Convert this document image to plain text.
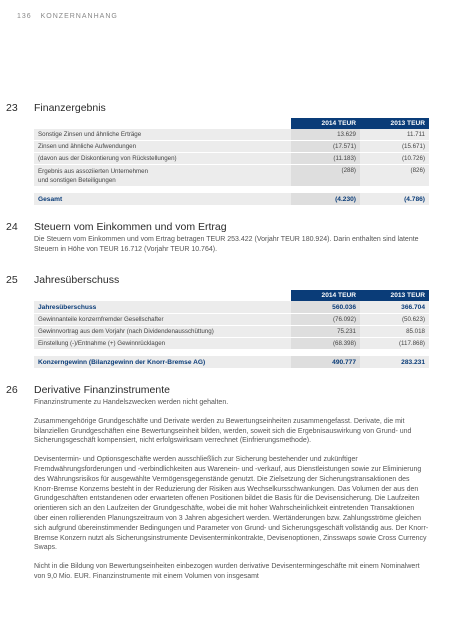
136 KONZERNANHANG
23 Finanzergebnis
	2014 TEUR	2013 TEUR
Sonstige Zinsen und ähnliche Erträge	13.629	11.711
Zinsen und ähnliche Aufwendungen	(17.571)	(15.671)
(davon aus der Diskontierung von Rückstellungen)	(11.183)	(10.726)

Ergebnis aus assoziierten Unternehmen
und sonstigen Beteiligungen	(288)	(826)

Gesamt	(4.230)	(4.786)
24 Steuern vom Einkommen und vom Ertrag

Die Steuern vom Einkommen und vom Ertrag betragen TEUR 253.422 (Vorjahr TEUR 180.924). Darin enthalten sind latente Steuern in Höhe von TEUR 16.712 (Vorjahr TEUR 10.764).

25 Jahresüberschuss
	2014 TEUR	2013 TEUR
Jahresüberschuss	560.036	366.704
Gewinnanteile konzernfremder Gesellschafter	(76.092)	(50.623)
Gewinnvortrag aus dem Vorjahr (nach Dividendenausschüttung)	75.231	85.018
Einstellung (-)/Entnahme (+) Gewinnrücklagen	(68.398)	(117.868)

Konzerngewinn (Bilanzgewinn der Knorr-Bremse AG)	490.777	283.231
26 Derivative Finanzinstrumente

Finanzinstrumente zu Handelszwecken werden nicht gehalten.

Zusammengehörige Grundgeschäfte und Derivate werden zu Bewertungseinheiten zusammengefasst. Derivate, die mit bilanziellen Grundgeschäften eine Bewertungseinheit bilden, werden, soweit sich die Ergebnisauswirkung von Grund- und Sicherungsgeschäft kompensiert, nicht erfolgswirksam verrechnet (Einfrierungsmethode).

Devisentermin- und Optionsgeschäfte werden ausschließlich zur Sicherung bestehender und zukünftiger Fremdwährungsforderungen und -verbindlichkeiten aus Warenein- und -verkauf, aus Dienstleistungen sowie zur Eliminierung des Währungsrisikos für ausgewählte Vermögensgegenstände genutzt. Die Zielsetzung der Sicherungstransaktionen des Knorr-Bremse Konzerns besteht in der Reduzierung der Risiken aus Wechselkursschwankungen. Das Volumen der aus den Grundgeschäften entstandenen oder erwarteten offenen Positionen bildet die Basis für die Devisensicherung. Die Laufzeiten orientieren sich an den Laufzeiten der Grundgeschäfte, wobei die mit hoher Wahrscheinlichkeit eintretenden Transaktionen über einen rollierenden Planungszeitraum von 3 Jahren abgesichert werden. Wertänderungen bzw. Zahlungsströme gleichen sich aufgrund übereinstimmender Bedingungen und Parameter von Grund- und Sicherungsgeschäft vollständig aus. Der Knorr-Bremse Konzern nutzt als Sicherungsinstrumente Devisenterminkontrakte, Devisenoptionen, Zinsswaps sowie Cross Currency Swaps.

Nicht in die Bildung von Bewertungseinheiten einbezogen wurden derivative Devisentermingeschäfte mit einem Nominalwert von 9,0 Mio. EUR. Finanzinstrumente mit einem Volumen von insgesamt
